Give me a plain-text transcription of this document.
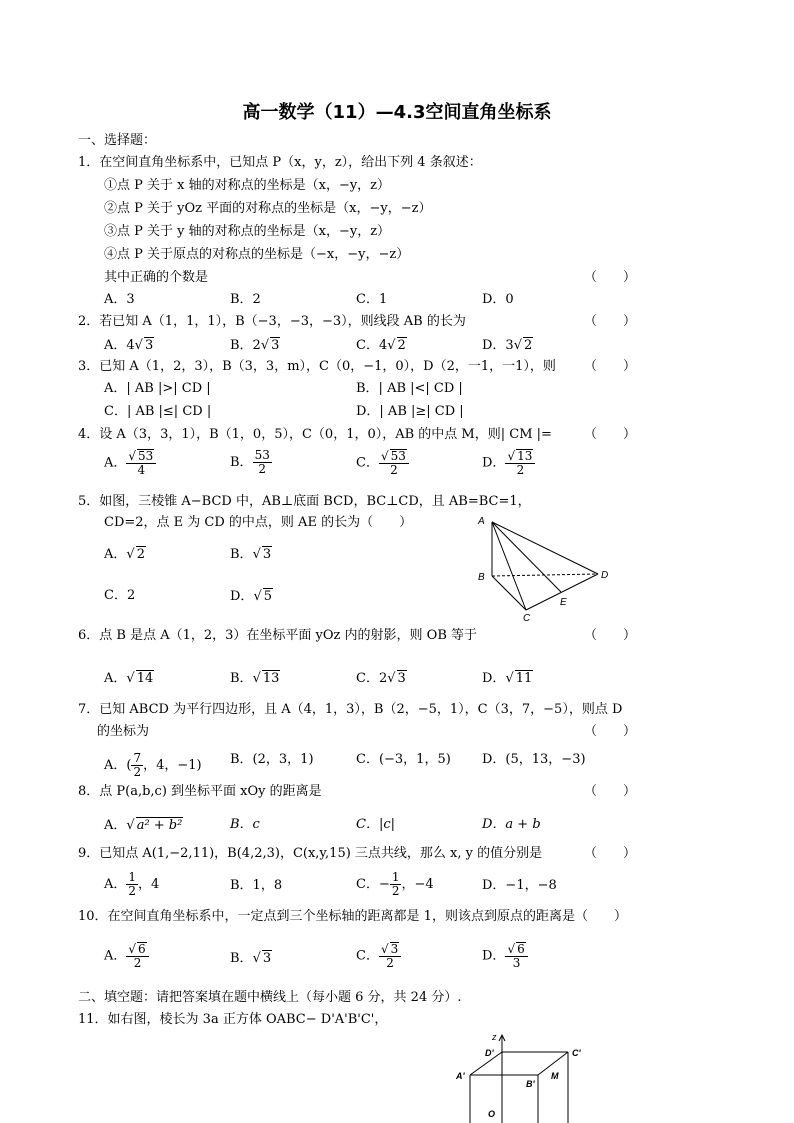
高一数学（11）—4.3空间直角坐标系
一、选择题：
1．在空间直角坐标系中，已知点 P（x，y，z），给出下列 4 条叙述：
①点 P 关于 x 轴的对称点的坐标是（x，−y，z）
②点 P 关于 yOz 平面的对称点的坐标是（x，−y，−z）
③点 P 关于 y 轴的对称点的坐标是（x，−y，z）
④点 P 关于原点的对称点的坐标是（−x，−y，−z）
其中正确的个数是	（　　）
A．3	B．2	C．1	D．0
2．若已知 A（1，1，1），B（−3，−3，−3），则线段 AB 的长为	（　　）
A．4√ 3	B．2√ 3	C．4√ 2	D．3√ 2
3．已知 A（1，2，3），B（3，3，m），C（0，−1，0），D（2，一1，一1），则 （　　）
A．| AB |>| CD |	B．| AB |<| CD |
C．| AB |≤| CD |	D．| AB |≥| CD |
4．设 A（3，3，1），B（1，0，5），C（0，1，0），AB 的中点 M，则| CM |= （　　）
A． $\frac{√ 53}{4}$	B． $\frac{53}{2}$	C． $\frac{√ 53}{2}$	D． $\frac{√ 13}{2}$
5．如图，三棱锥 A−BCD 中，AB⊥底面 BCD，BC⊥CD，且 AB=BC=1，
CD=2，点 E 为 CD 的中点，则 AE 的长为（　　）
A．√ 2	B．√ 3
C．2	D．√ 5
A
B
C
D
E
6．点 B 是点 A（1，2，3）在坐标平面 yOz 内的射影，则 OB 等于	（　　）
A．√ 14	B．√ 13	C．2√ 3	D．√ 11
7．已知 ABCD 为平行四边形，且 A（4，1，3），B（2，−5，1），C（3，7，−5），则点 D
的坐标为	（　　）
A．( $\frac{7}{2}$ ，4，−1) B．(2，3，1)	C．(−3，1，5) D．(5，13，−3)
8．点 P(a,b,c) 到坐标平面 xOy 的距离是	（　　）
A．√ a² + b²	B．c	C．|c|	D．a + b
9．已知点 A(1,−2,11)，B(4,2,3)，C(x,y,15) 三点共线，那么 x, y 的值分别是	（　　）
A． $\frac{1}{2}$ ，4	B．1，8	C．− $\frac{1}{2}$ ，−4	D．−1，−8
10．在空间直角坐标系中，一定点到三个坐标轴的距离都是 1，则该点到原点的距离是（　　）
A． $\frac{√ 6}{2}$	B．√ 3	C． $\frac{√ 3}{2}$	D． $\frac{√ 6}{3}$
二、填空题：请把答案填在题中横线上（每小题 6 分，共 24 分）.
11．如右图，棱长为 3a 正方体 OABC− D'A'B'C'，
z
D'	C'
A'
B'
M
O
